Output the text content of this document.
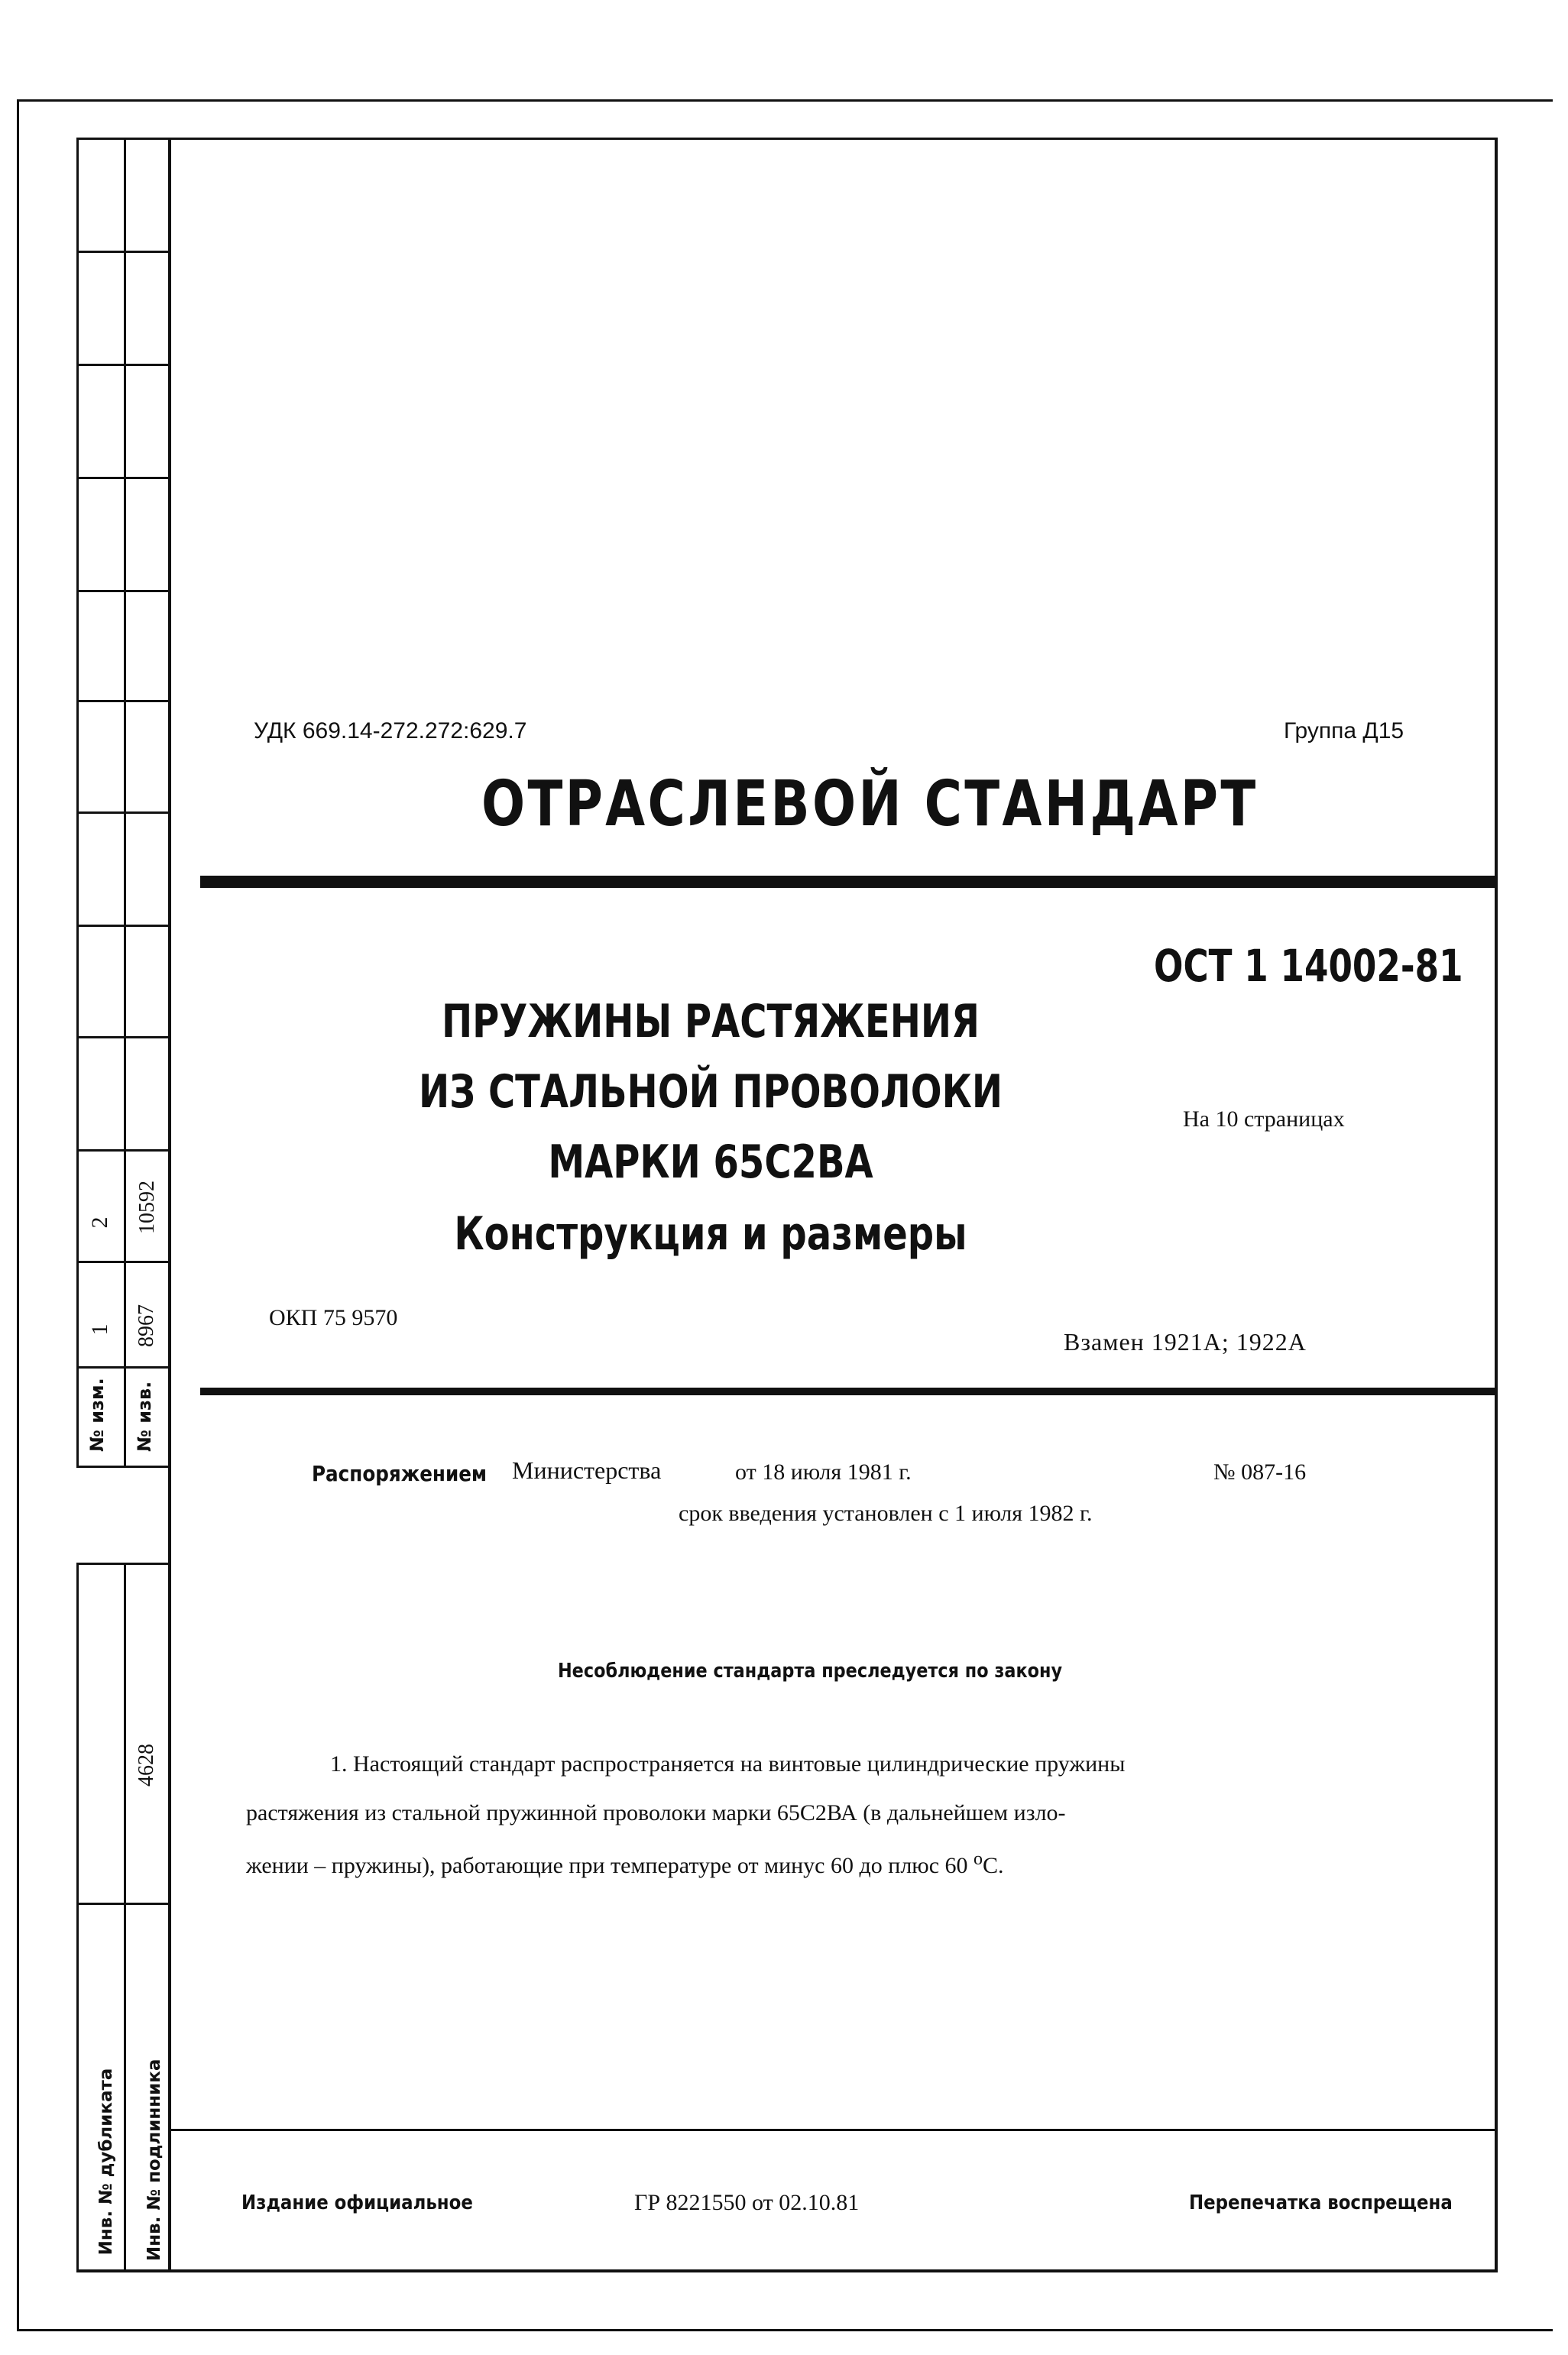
2 10592
1 8967
№ изм. № изв.
4628
Инв. № дубликата Инв. № подлинника
УДК 669.14-272.272:629.7	Группа Д15
ОТРАСЛЕВОЙ СТАНДАРТ
ОСТ 1 14002-81
На 10 страницах
ПРУЖИНЫ РАСТЯЖЕНИЯ
ИЗ СТАЛЬНОЙ ПРОВОЛОКИ
МАРКИ 65С2ВА
Конструкция и размеры
ОКП 75 9570
Взамен 1921А; 1922А
Распоряжением Министерства	от 18 июля 1981 г.	№ 087-16
срок введения установлен с 1 июля 1982 г.
Несоблюдение стандарта преследуется по закону
1. Настоящий стандарт распространяется на винтовые цилиндрические пружины
растяжения из стальной пружинной проволоки марки 65С2ВА (в дальнейшем изло-
жении – пружины), работающие при температуре от минус 60 до плюс 60 $^о$С.
Издание официальное	ГР 8221550 от 02.10.81	Перепечатка воспрещена
